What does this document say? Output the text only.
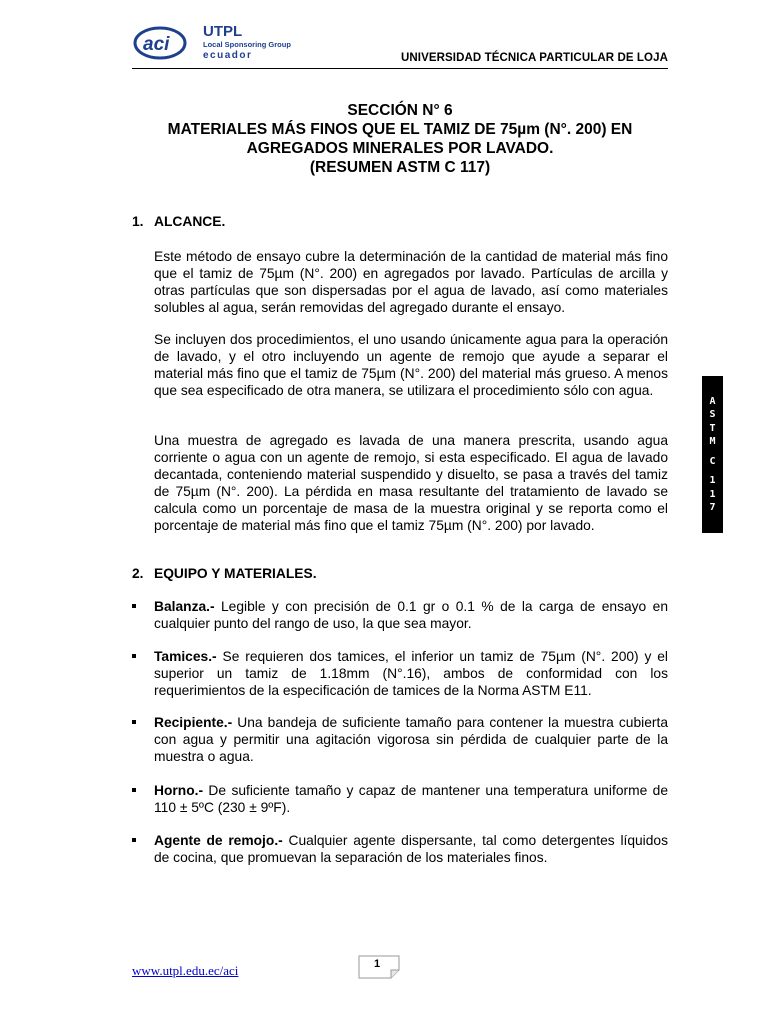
aci
UTPL
Local Sponsoring Group
ecuador	UNIVERSIDAD TÉCNICA PARTICULAR DE LOJA
SECCIÓN N° 6
MATERIALES MÁS FINOS QUE EL TAMIZ DE 75µm (N°. 200) EN
AGREGADOS MINERALES POR LAVADO.
(RESUMEN ASTM C 117)
1. ALCANCE.
Este método de ensayo cubre la determinación de la cantidad de material más fino que el tamiz de 75µm (N°. 200) en agregados por lavado. Partículas de arcilla y otras partículas que son dispersadas por el agua de lavado, así como materiales solubles al agua, serán removidas del agregado durante el ensayo.
Se incluyen dos procedimientos, el uno usando únicamente agua para la operación de lavado, y el otro incluyendo un agente de remojo que ayude a separar el material más fino que el tamiz de 75µm (N°. 200) del material más grueso. A menos que sea especificado de otra manera, se utilizara el procedimiento sólo con agua.
Una muestra de agregado es lavada de una manera prescrita, usando agua corriente o agua con un agente de remojo, si esta especificado. El agua de lavado decantada, conteniendo material suspendido y disuelto, se pasa a través del tamiz de 75µm (N°. 200). La pérdida en masa resultante del tratamiento de lavado se calcula como un porcentaje de masa de la muestra original y se reporta como el porcentaje de material más fino que el tamiz 75µm (N°. 200) por lavado.
2. EQUIPO Y MATERIALES.
Balanza.- Legible y con precisión de 0.1 gr o 0.1 % de la carga de ensayo en cualquier punto del rango de uso, la que sea mayor.
Tamices.- Se requieren dos tamices, el inferior un tamiz de 75µm (N°. 200) y el superior un tamiz de 1.18mm (N°.16), ambos de conformidad con los requerimientos de la especificación de tamices de la Norma ASTM E11.
Recipiente.- Una bandeja de suficiente tamaño para contener la muestra cubierta con agua y permitir una agitación vigorosa sin pérdida de cualquier parte de la muestra o agua.
Horno.- De suficiente tamaño y capaz de mantener una temperatura uniforme de 110 ± 5ºC (230 ± 9ºF).
Agente de remojo.- Cualquier agente dispersante, tal como detergentes líquidos de cocina, que promuevan la separación de los materiales finos.
A
S
T
M
C
1
1
7
www.utpl.edu.ec/aci	1
